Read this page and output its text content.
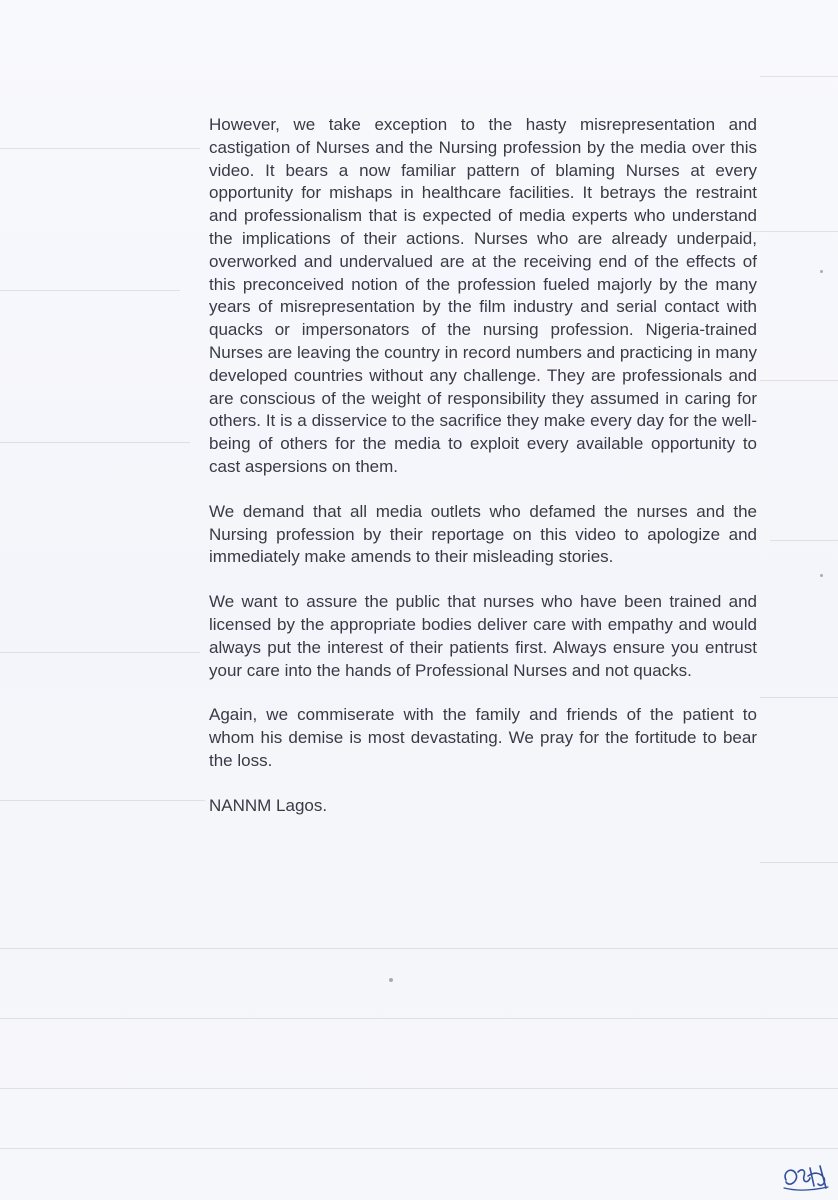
However, we take exception to the hasty misrepresentation and castigation of Nurses and the Nursing profession by the media over this video. It bears a now familiar pattern of blaming Nurses at every opportunity for mishaps in healthcare facilities. It betrays the restraint and professionalism that is expected of media experts who understand the implications of their actions. Nurses who are already underpaid, overworked and undervalued are at the receiving end of the effects of this preconceived notion of the profession fueled majorly by the many years of misrepresentation by the film industry and serial contact with quacks or impersonators of the nursing profession. Nigeria-trained Nurses are leaving the country in record numbers and practicing in many developed countries without any challenge. They are professionals and are conscious of the weight of responsibility they assumed in caring for others. It is a disservice to the sacrifice they make every day for the well-being of others for the media to exploit every available opportunity to cast aspersions on them.

We demand that all media outlets who defamed the nurses and the Nursing profession by their reportage on this video to apologize and immediately make amends to their misleading stories.

We want to assure the public that nurses who have been trained and licensed by the appropriate bodies deliver care with empathy and would always put the interest of their patients first. Always ensure you entrust your care into the hands of Professional Nurses and not quacks.

Again, we commiserate with the family and friends of the patient to whom his demise is most devastating. We pray for the fortitude to bear the loss.

NANNM Lagos.
